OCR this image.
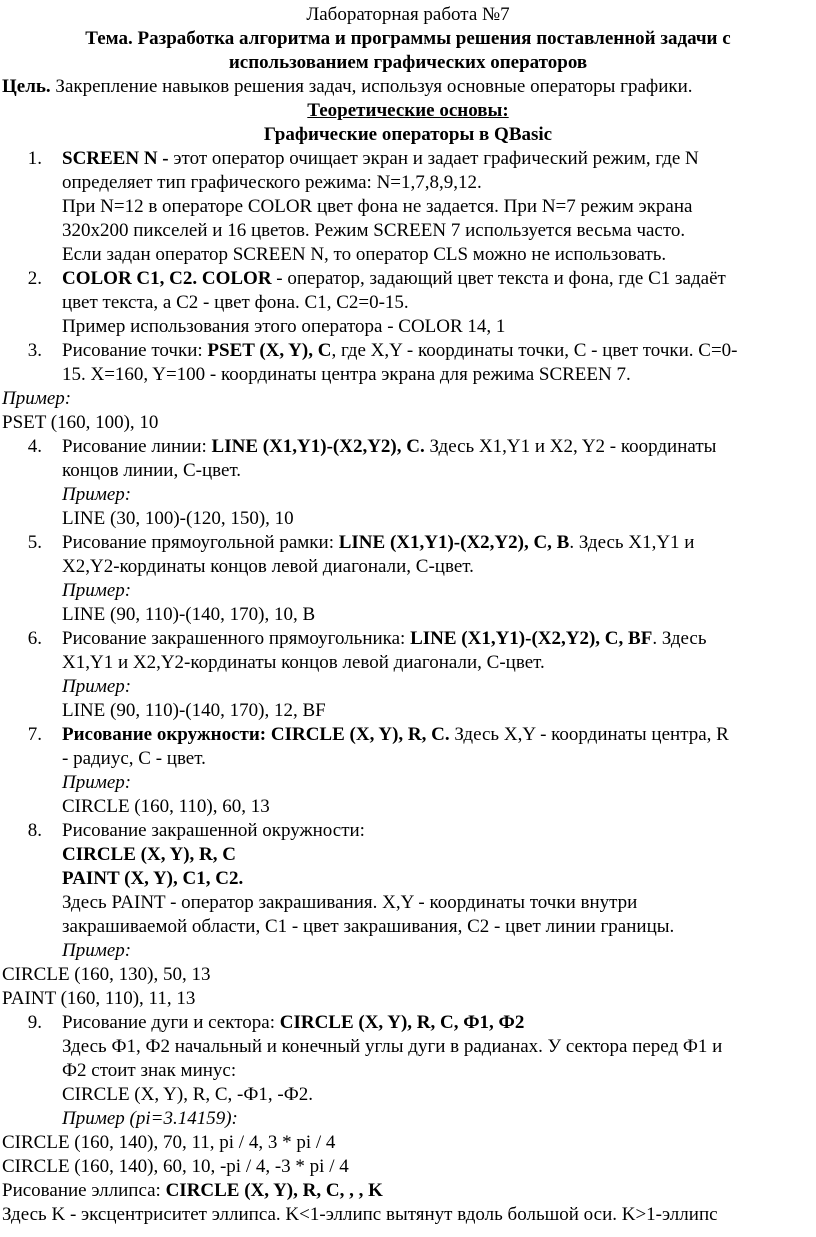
Лабораторная работа №7
Тема. Разработка алгоритма и программы решения поставленной задачи с
использованием графических операторов
Цель. Закрепление навыков решения задач, используя основные операторы графики.
Теоретические основы:
Графические операторы в QBasic
1.	SCREEN N - этот оператор очищает экран и задает графический режим, где N
определяет тип графического режима: N=1,7,8,9,12.
При N=12 в операторе COLOR цвет фона не задается. При N=7 режим экрана
320x200 пикселей и 16 цветов. Режим SCREEN 7 используется весьма часто.
Если задан оператор SCREEN N, то оператор CLS можно не использовать.
2.	COLOR C1, C2. COLOR - оператор, задающий цвет текста и фона, где C1 задаёт
цвет текста, а C2 - цвет фона. C1, C2=0-15.
Пример использования этого оператора - COLOR 14, 1
3.	Рисование точки: PSET (X, Y), C, где X,Y - координаты точки, C - цвет точки. C=0-
15. X=160, Y=100 - координаты центра экрана для режима SCREEN 7.
Пример:
PSET (160, 100), 10
4.	Рисование линии: LINE (X1,Y1)-(X2,Y2), C. Здесь X1,Y1 и X2, Y2 - координаты
концов линии, C-цвет.
Пример:
LINE (30, 100)-(120, 150), 10
5.	Рисование прямоугольной рамки: LINE (X1,Y1)-(X2,Y2), C, B. Здесь X1,Y1 и
X2,Y2-кординаты концов левой диагонали, C-цвет.
Пример:
LINE (90, 110)-(140, 170), 10, B
6.	Рисование закрашенного прямоугольника: LINE (X1,Y1)-(X2,Y2), C, BF. Здесь
X1,Y1 и X2,Y2-кординаты концов левой диагонали, C-цвет.
Пример:
LINE (90, 110)-(140, 170), 12, BF
7.	Рисование окружности: CIRCLE (X, Y), R, C. Здесь X,Y - координаты центра, R
- радиус, C - цвет.
Пример:
CIRCLE (160, 110), 60, 13
8.	Рисование закрашенной окружности:
CIRCLE (X, Y), R, C
PAINT (X, Y), C1, C2.
Здесь PAINT - оператор закрашивания. X,Y - координаты точки внутри
закрашиваемой области, C1 - цвет закрашивания, C2 - цвет линии границы.
Пример:
CIRCLE (160, 130), 50, 13
PAINT (160, 110), 11, 13
9.	Рисование дуги и сектора: CIRCLE (X, Y), R, C, Ф1, Ф2
Здесь Ф1, Ф2 начальный и конечный углы дуги в радианах. У сектора перед Ф1 и
Ф2 стоит знак минус:
CIRCLE (X, Y), R, C, -Ф1, -Ф2.
Пример (pi=3.14159):
CIRCLE (160, 140), 70, 11, pi / 4, 3 * pi / 4
CIRCLE (160, 140), 60, 10, -pi / 4, -3 * pi / 4
Рисование эллипса: CIRCLE (X, Y), R, C, , , K
Здесь K - эксцентриситет эллипса. K<1-эллипс вытянут вдоль большой оси. K>1-эллипс
